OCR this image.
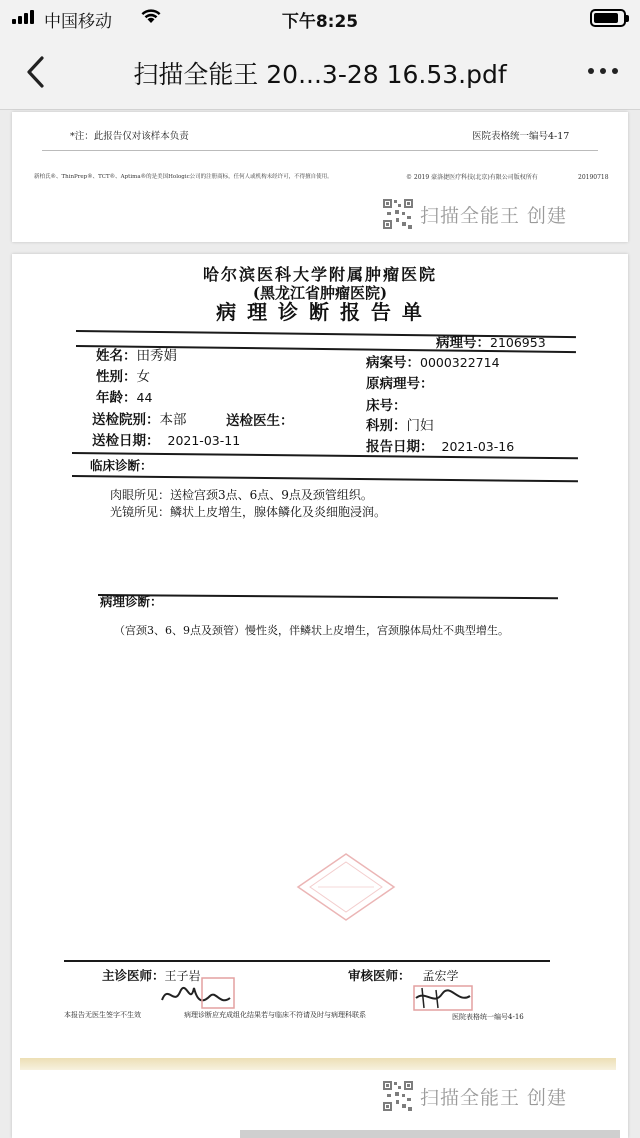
中国移动	下午8:25
扫描全能王 20...3-28 16.53.pdf
*注：此报告仅对该样本负责	医院表格统一编号4-17
新柏氏®、ThinPrep®、TCT®、Aptima®的是美国Hologic公司的注册商标，任何人或机构未经许可，不得擅自使用。	© 2019 豪洛捷医疗科技(北京)有限公司版权所有	20190718
扫描全能王 创建
哈尔滨医科大学附属肿瘤医院
(黑龙江省肿瘤医院)
病 理 诊 断 报 告 单
病理号：2106953
姓名：田秀娟
性别：女
年龄：44
送检院别：本部	送检医生：
送检日期： 2021-03-11
病案号：0000322714
原病理号：
床号：
科别：门妇
报告日期： 2021-03-16
临床诊断：
肉眼所见：送检宫颈3点、6点、9点及颈管组织。
光镜所见：鳞状上皮增生，腺体鳞化及炎细胞浸润。
病理诊断：
（宫颈3、6、9点及颈管）慢性炎，伴鳞状上皮增生，宫颈腺体局灶不典型增生。
主诊医师：王子岩	审核医师： 孟宏学
本报告无医生签字不生效	病理诊断应充成组化结果若与临床不符请及时与病理科联系	医院表格统一编号4-16
扫描全能王 创建
